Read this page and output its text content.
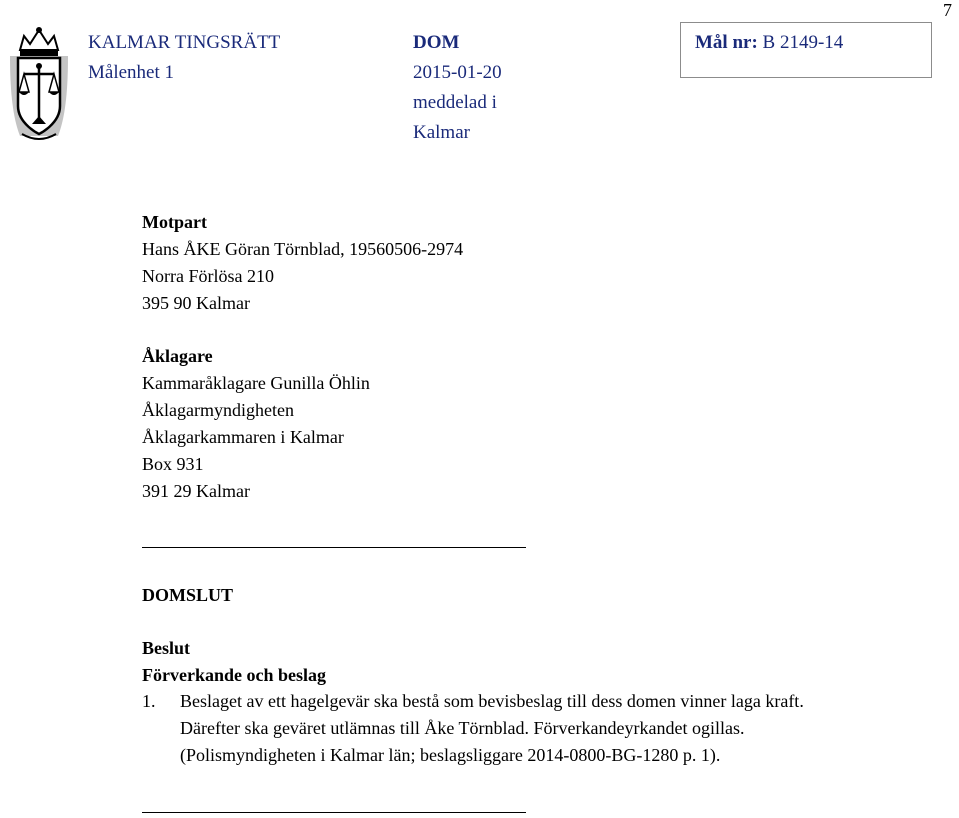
7
KALMAR TINGSRÄTT
Målenhet 1
DOM
2015-01-20
meddelad i
Kalmar
Mål nr: B 2149-14
Motpart
Hans ÅKE Göran Törnblad, 19560506-2974
Norra Förlösa 210
395 90 Kalmar
Åklagare
Kammaråklagare Gunilla Öhlin
Åklagarmyndigheten
Åklagarkammaren i Kalmar
Box 931
391 29 Kalmar
DOMSLUT
Beslut
Förverkande och beslag
1. Beslaget av ett hagelgevär ska bestå som bevisbeslag till dess domen vinner laga kraft.
Därefter ska geväret utlämnas till Åke Törnblad. Förverkandeyrkandet ogillas.
(Polismyndigheten i Kalmar län; beslagsliggare 2014-0800-BG-1280 p. 1).
